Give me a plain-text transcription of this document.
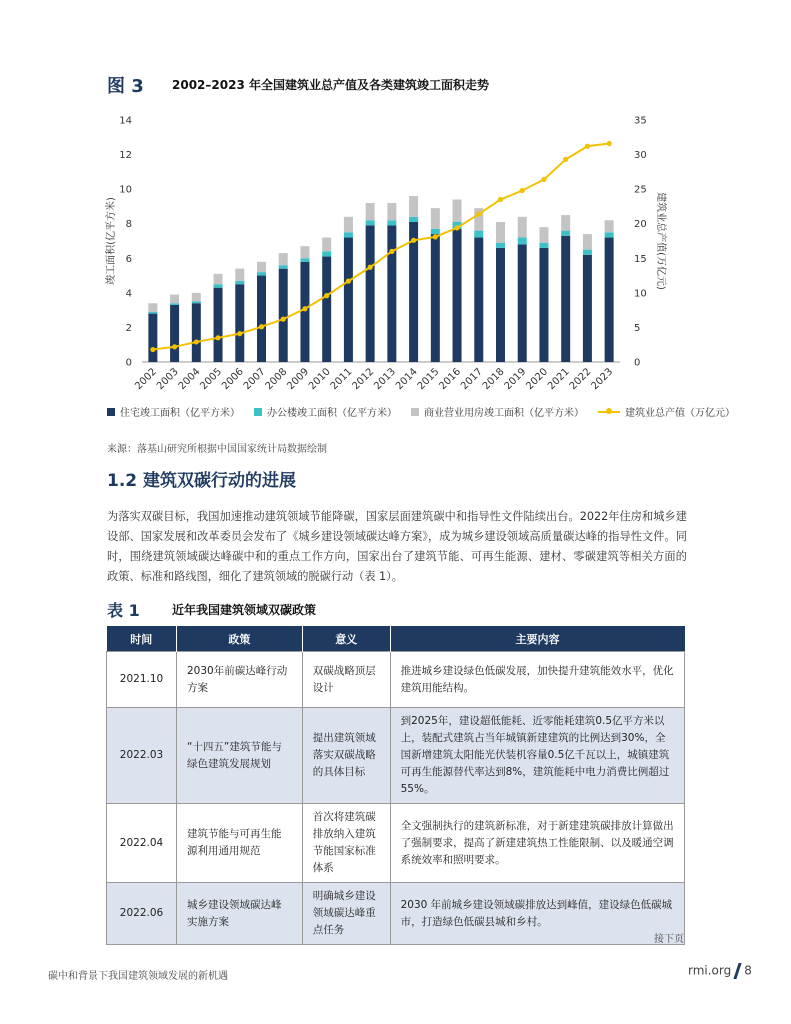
图 3 2002–2023 年全国建筑业总产值及各类建筑竣工面积走势
0
2
4
6
8
10
12
14
0
5
10
15
20
25
30
35
竣工面积(亿平方米)	建筑业总产值(万亿元)
2002
2003
2004
2005
2006
2007
2008
2009
2010
2011
2012
2013
2014
2015
2016
2017
2018
2019
2020
2021
2022
2023
住宅竣工面积（亿平方米）	办公楼竣工面积（亿平方米）	商业营业用房竣工面积（亿平方米）	建筑业总产值（万亿元）
来源：落基山研究所根据中国国家统计局数据绘制
1.2 建筑双碳行动的进展
为落实双碳目标，我国加速推动建筑领域节能降碳，国家层面建筑碳中和指导性文件陆续出台。2022年住房和城乡建设部、国家发展和改革委员会发布了《城乡建设领域碳达峰方案》，成为城乡建设领域高质量碳达峰的指导性文件。同时，围绕建筑领域碳达峰碳中和的重点工作方向，国家出台了建筑节能、可再生能源、建材、零碳建筑等相关方面的政策、标准和路线图，细化了建筑领域的脱碳行动（表 1）。
表 1	近年我国建筑领域双碳政策
时间	政策	意义	主要内容
2021.10	2030年前碳达峰行动方案	双碳战略顶层设计	推进城乡建设绿色低碳发展，加快提升建筑能效水平，优化建筑用能结构。
2022.03	“十四五”建筑节能与绿色建筑发展规划	提出建筑领域落实双碳战略的具体目标	到2025年，建设超低能耗、近零能耗建筑0.5亿平方米以上，装配式建筑占当年城镇新建建筑的比例达到30%，全国新增建筑太阳能光伏装机容量0.5亿千瓦以上，城镇建筑可再生能源替代率达到8%，建筑能耗中电力消费比例超过55%。
2022.04	建筑节能与可再生能源利用通用规范	首次将建筑碳排放纳入建筑节能国家标准体系	全文强制执行的建筑新标准，对于新建建筑碳排放计算做出了强制要求，提高了新建建筑热工性能限制、以及暖通空调系统效率和照明要求。
2022.06	城乡建设领域碳达峰实施方案	明确城乡建设领域碳达峰重点任务	2030 年前城乡建设领域碳排放达到峰值，建设绿色低碳城市，打造绿色低碳县城和乡村。
接下页
碳中和背景下我国建筑领域发展的新机遇	rmi.org 8
